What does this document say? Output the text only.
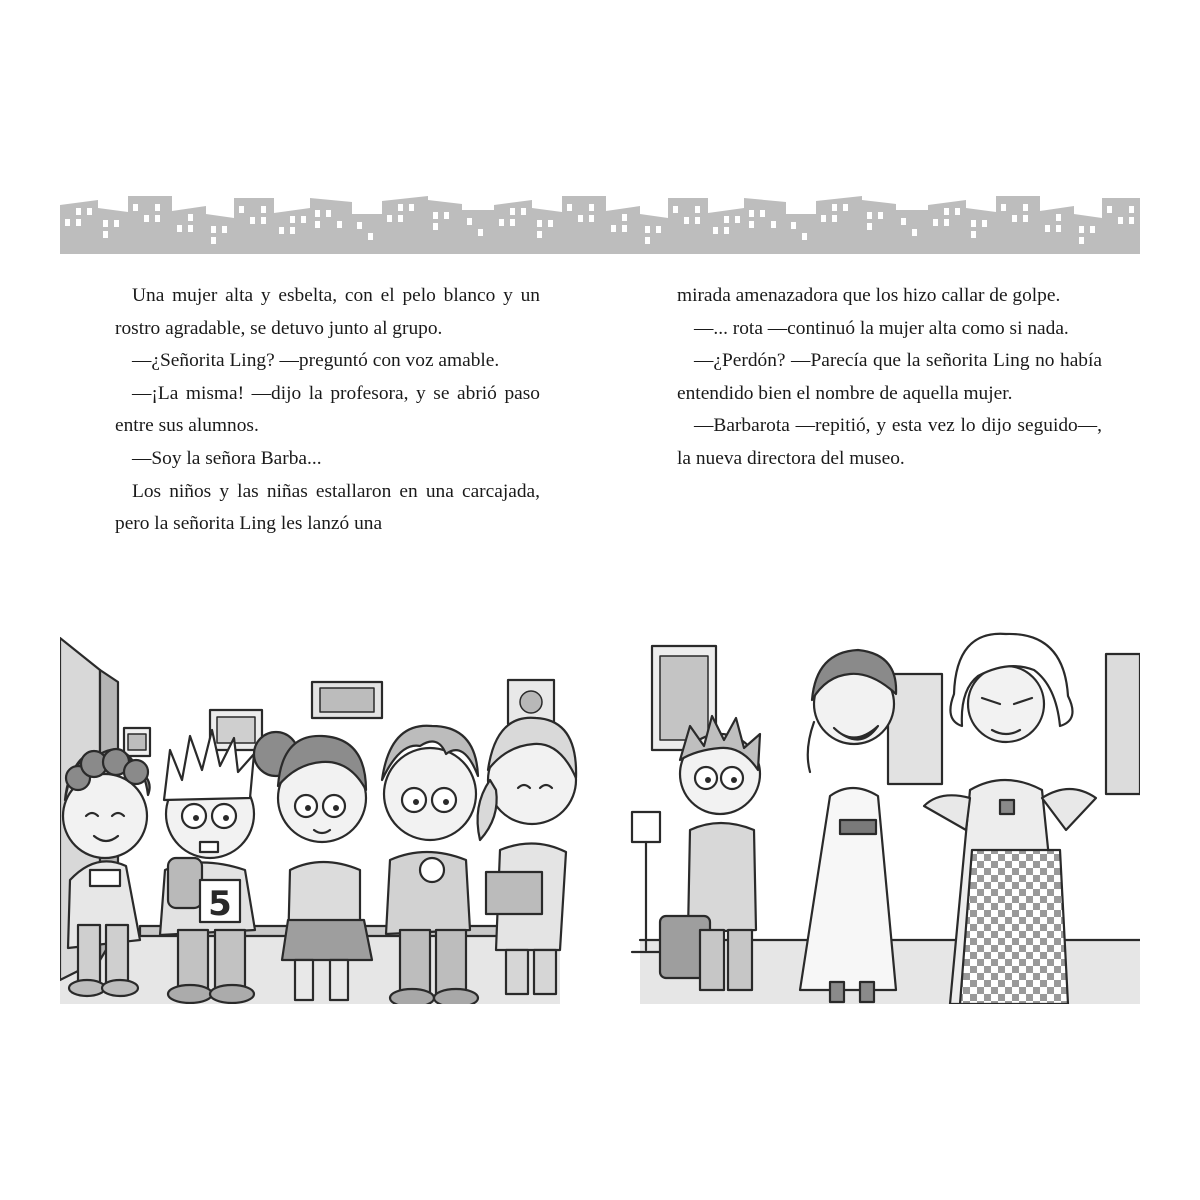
Una mujer alta y esbelta, con el pelo blanco y un rostro agradable, se detuvo junto al grupo.

—¿Señorita Ling? —preguntó con voz amable.

—¡La misma! —dijo la profesora, y se abrió paso entre sus alumnos.

—Soy la señora Barba...

Los niños y las niñas estallaron en una carcajada, pero la señorita Ling les lanzó una

mirada amenazadora que los hizo callar de golpe.

—... rota —continuó la mujer alta como si nada.

—¿Perdón? —Parecía que la señorita Ling no había entendido bien el nombre de aquella mujer.

—Barbarota —repitió, y esta vez lo dijo seguido—, la nueva directora del museo.

5
